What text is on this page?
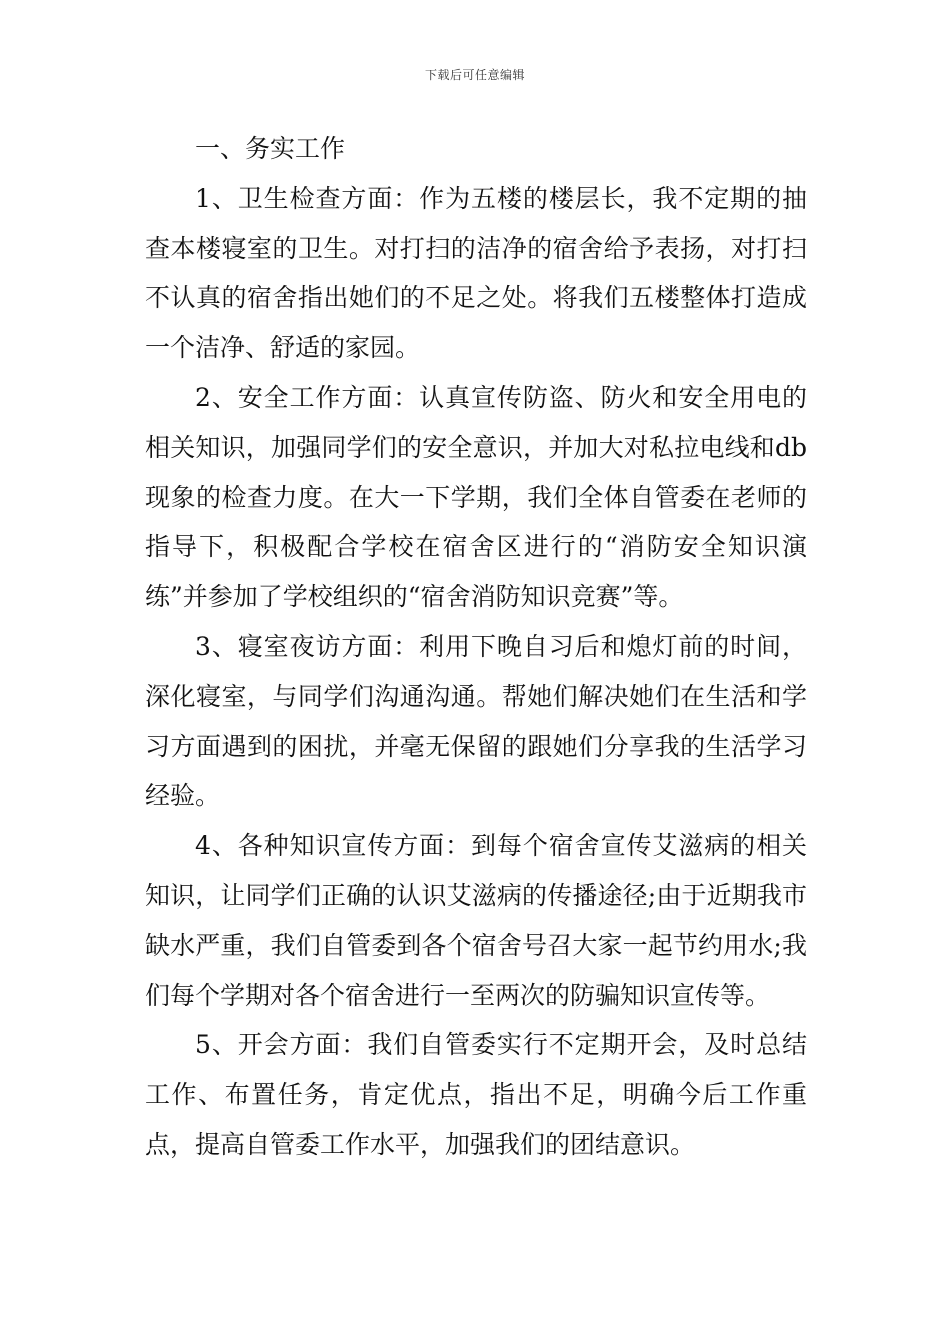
下载后可任意编辑

一、务实工作

1、卫生检查方面：作为五楼的楼层长，我不定期的抽查本楼寝室的卫生。对打扫的洁净的宿舍给予表扬，对打扫不认真的宿舍指出她们的不足之处。将我们五楼整体打造成一个洁净、舒适的家园。

2、安全工作方面：认真宣传防盗、防火和安全用电的相关知识，加强同学们的安全意识，并加大对私拉电线和db现象的检查力度。在大一下学期，我们全体自管委在老师的指导下，积极配合学校在宿舍区进行的“消防安全知识演练”并参加了学校组织的“宿舍消防知识竞赛”等。

3、寝室夜访方面：利用下晚自习后和熄灯前的时间，深化寝室，与同学们沟通沟通。帮她们解决她们在生活和学习方面遇到的困扰，并毫无保留的跟她们分享我的生活学习经验。

4、各种知识宣传方面：到每个宿舍宣传艾滋病的相关知识，让同学们正确的认识艾滋病的传播途径;由于近期我市缺水严重，我们自管委到各个宿舍号召大家一起节约用水;我们每个学期对各个宿舍进行一至两次的防骗知识宣传等。

5、开会方面：我们自管委实行不定期开会，及时总结工作、布置任务，肯定优点，指出不足，明确今后工作重点，提高自管委工作水平，加强我们的团结意识。
